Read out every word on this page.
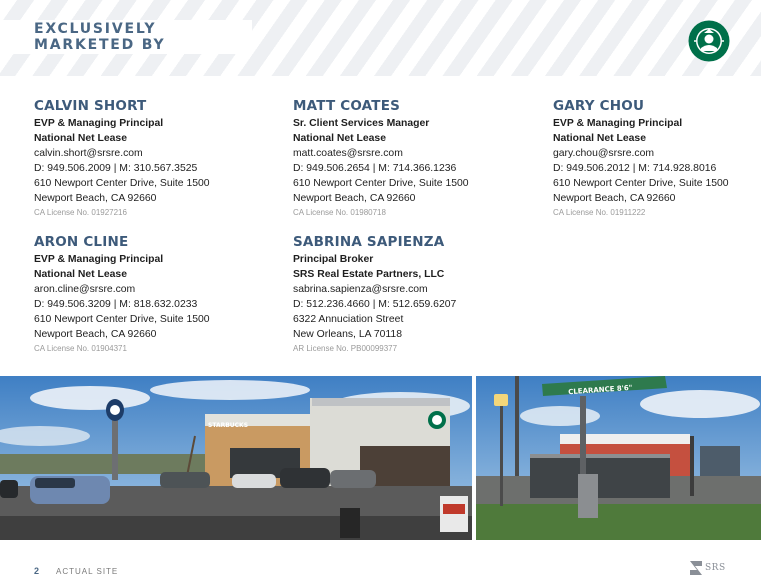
EXCLUSIVELY MARKETED BY

CALVIN SHORT

EVP & Managing Principal

National Net Lease

calvin.short@srsre.com

D: 949.506.2009 | M: 310.567.3525

610 Newport Center Drive, Suite 1500

Newport Beach, CA 92660

CA License No. 01927216

MATT COATES

Sr. Client Services Manager

National Net Lease

matt.coates@srsre.com

D: 949.506.2654 | M: 714.366.1236

610 Newport Center Drive, Suite 1500

Newport Beach, CA 92660

CA License No. 01980718

GARY CHOU

EVP & Managing Principal

National Net Lease

gary.chou@srsre.com

D: 949.506.2012 | M: 714.928.8016

610 Newport Center Drive, Suite 1500

Newport Beach, CA 92660

CA License No. 01911222

ARON CLINE

EVP & Managing Principal

National Net Lease

aron.cline@srsre.com

D: 949.506.3209 | M: 818.632.0233

610 Newport Center Drive, Suite 1500

Newport Beach, CA 92660

CA License No. 01904371

SABRINA SAPIENZA

Principal Broker

SRS Real Estate Partners, LLC

sabrina.sapienza@srsre.com

D: 512.236.4660 | M: 512.659.6207

6322 Annuciation Street

New Orleans, LA 70118

AR License No. PB00099377

STARBUCKS
CLEARANCE 8'6"
2 ACTUAL SITE	SRS
